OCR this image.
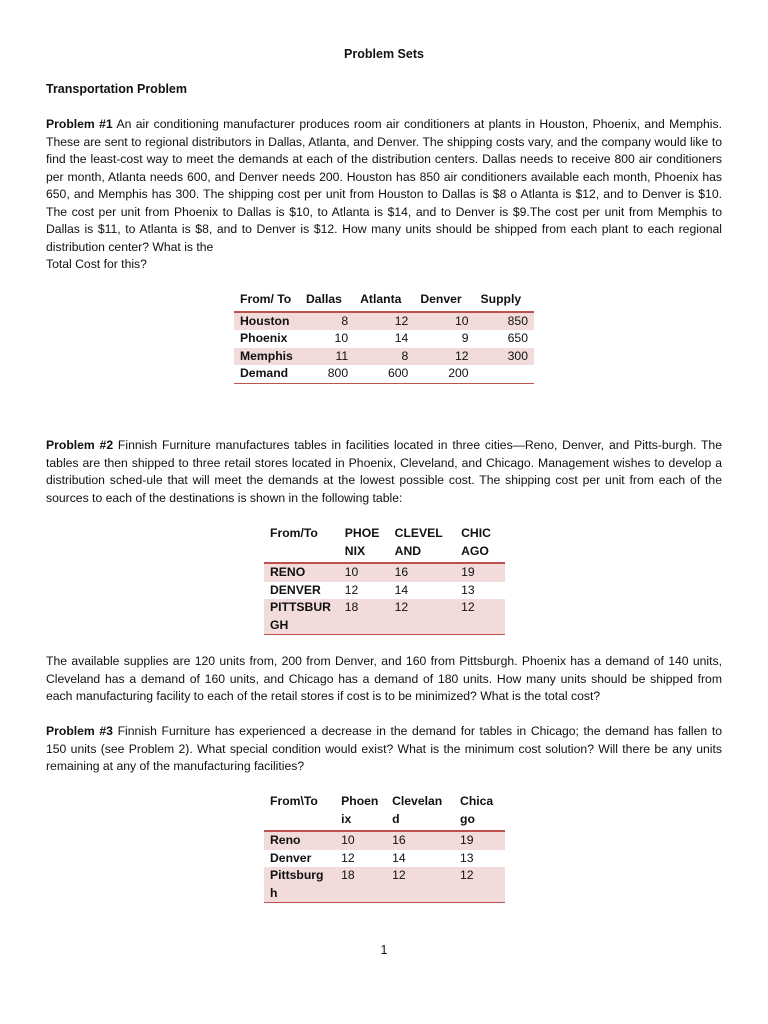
Problem Sets
Transportation Problem

Problem #1 An air conditioning manufacturer produces room air conditioners at plants in Houston, Phoenix, and Memphis. These are sent to regional distributors in Dallas, Atlanta, and Denver. The shipping costs vary, and the company would like to find the least-cost way to meet the demands at each of the distribution centers. Dallas needs to receive 800 air conditioners per month, Atlanta needs 600, and Denver needs 200. Houston has 850 air conditioners available each month, Phoenix has 650, and Memphis has 300. The shipping cost per unit from Houston to Dallas is $8 o Atlanta is $12, and to Denver is $10. The cost per unit from Phoenix to Dallas is $10, to Atlanta is $14, and to Denver is $9.The cost per unit from Memphis to Dallas is $11, to Atlanta is $8, and to Denver is $12. How many units should be shipped from each plant to each regional distribution center? What is the
Total Cost for this?

From/ To	Dallas	Atlanta	Denver	Supply
Houston	8	12	10	850
Phoenix	10	14	9	650
Memphis	11	8	12	300
Demand	800	600	200	

Problem #2 Finnish Furniture manufactures tables in facilities located in three cities—Reno, Denver, and Pitts-burgh. The tables are then shipped to three retail stores located in Phoenix, Cleveland, and Chicago. Management wishes to develop a distribution sched-ule that will meet the demands at the lowest possible cost. The shipping cost per unit from each of the sources to each of the destinations is shown in the following table:

From/To	PHOENIX	CLEVELAND	CHICAGO
RENO	10	16	19
DENVER	12	14	13
PITTSBURGH	18	12	12

The available supplies are 120 units from, 200 from Denver, and 160 from Pittsburgh. Phoenix has a demand of 140 units, Cleveland has a demand of 160 units, and Chicago has a demand of 180 units. How many units should be shipped from each manufacturing facility to each of the retail stores if cost is to be minimized? What is the total cost?

Problem #3 Finnish Furniture has experienced a decrease in the demand for tables in Chicago; the demand has fallen to 150 units (see Problem 2). What special condition would exist? What is the minimum cost solution? Will there be any units remaining at any of the manufacturing facilities?

From\To	Phoenix	Cleveland	Chicago
Reno	10	16	19
Denver	12	14	13
Pittsburgh	18	12	12
1
